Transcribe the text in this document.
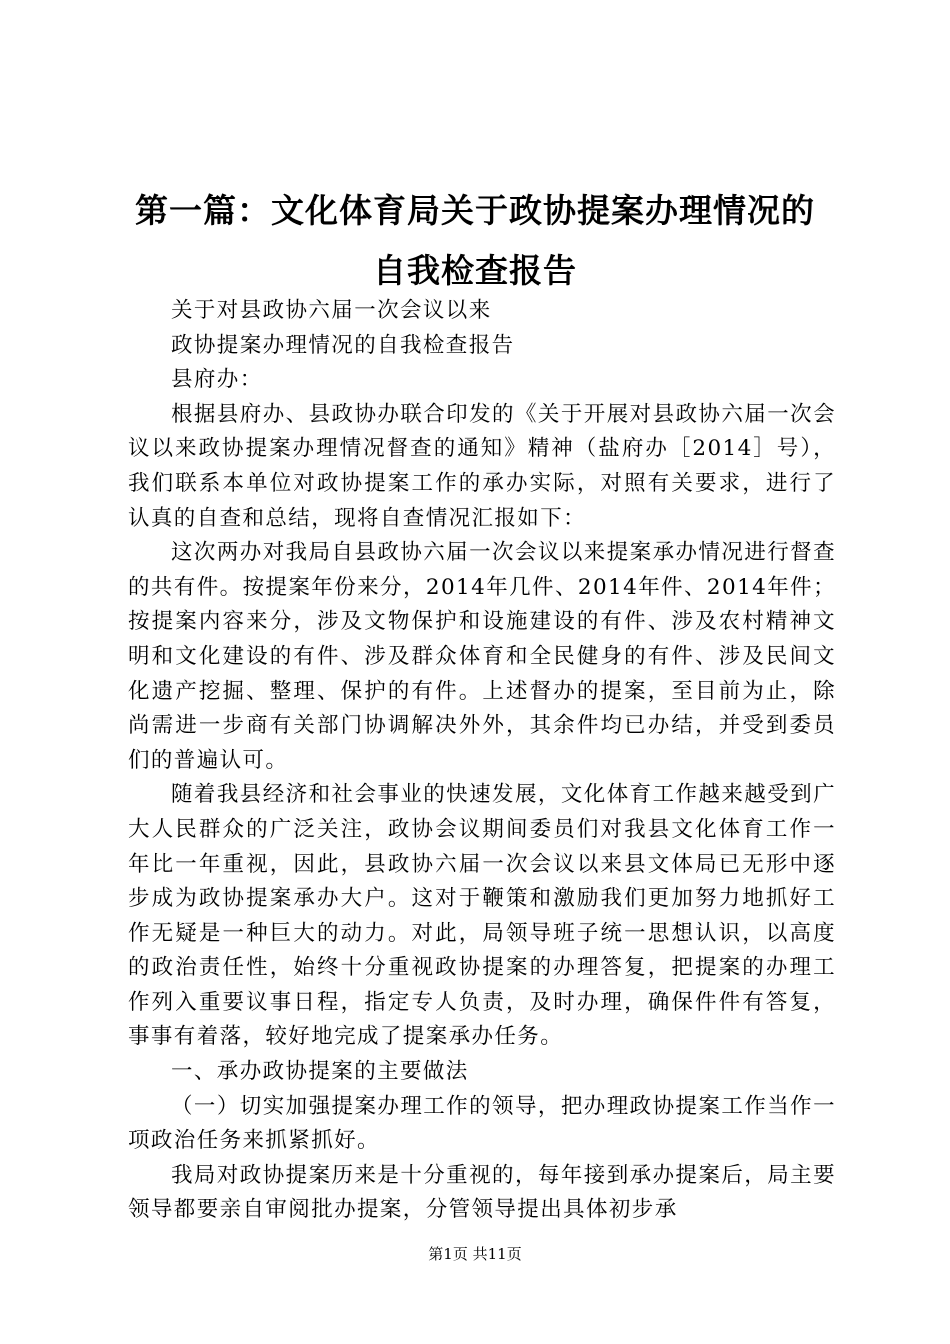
第一篇：文化体育局关于政协提案办理情况的
自我检查报告

关于对县政协六届一次会议以来

政协提案办理情况的自我检查报告

县府办：

根据县府办、县政协办联合印发的《关于开展对县政协六届一次会议以来政协提案办理情况督查的通知》精神（盐府办［2014］号），我们联系本单位对政协提案工作的承办实际，对照有关要求，进行了认真的自查和总结，现将自查情况汇报如下：

这次两办对我局自县政协六届一次会议以来提案承办情况进行督查的共有件。按提案年份来分，2014年几件、2014年件、2014年件；按提案内容来分，涉及文物保护和设施建设的有件、涉及农村精神文明和文化建设的有件、涉及群众体育和全民健身的有件、涉及民间文化遗产挖掘、整理、保护的有件。上述督办的提案，至目前为止，除尚需进一步商有关部门协调解决外外，其余件均已办结，并受到委员们的普遍认可。

随着我县经济和社会事业的快速发展，文化体育工作越来越受到广大人民群众的广泛关注，政协会议期间委员们对我县文化体育工作一年比一年重视，因此，县政协六届一次会议以来县文体局已无形中逐步成为政协提案承办大户。这对于鞭策和激励我们更加努力地抓好工作无疑是一种巨大的动力。对此，局领导班子统一思想认识，以高度的政治责任性，始终十分重视政协提案的办理答复，把提案的办理工作列入重要议事日程，指定专人负责，及时办理，确保件件有答复，事事有着落，较好地完成了提案承办任务。

一、承办政协提案的主要做法

（一）切实加强提案办理工作的领导，把办理政协提案工作当作一项政治任务来抓紧抓好。

我局对政协提案历来是十分重视的，每年接到承办提案后，局主要领导都要亲自审阅批办提案，分管领导提出具体初步承

第1页 共11页
